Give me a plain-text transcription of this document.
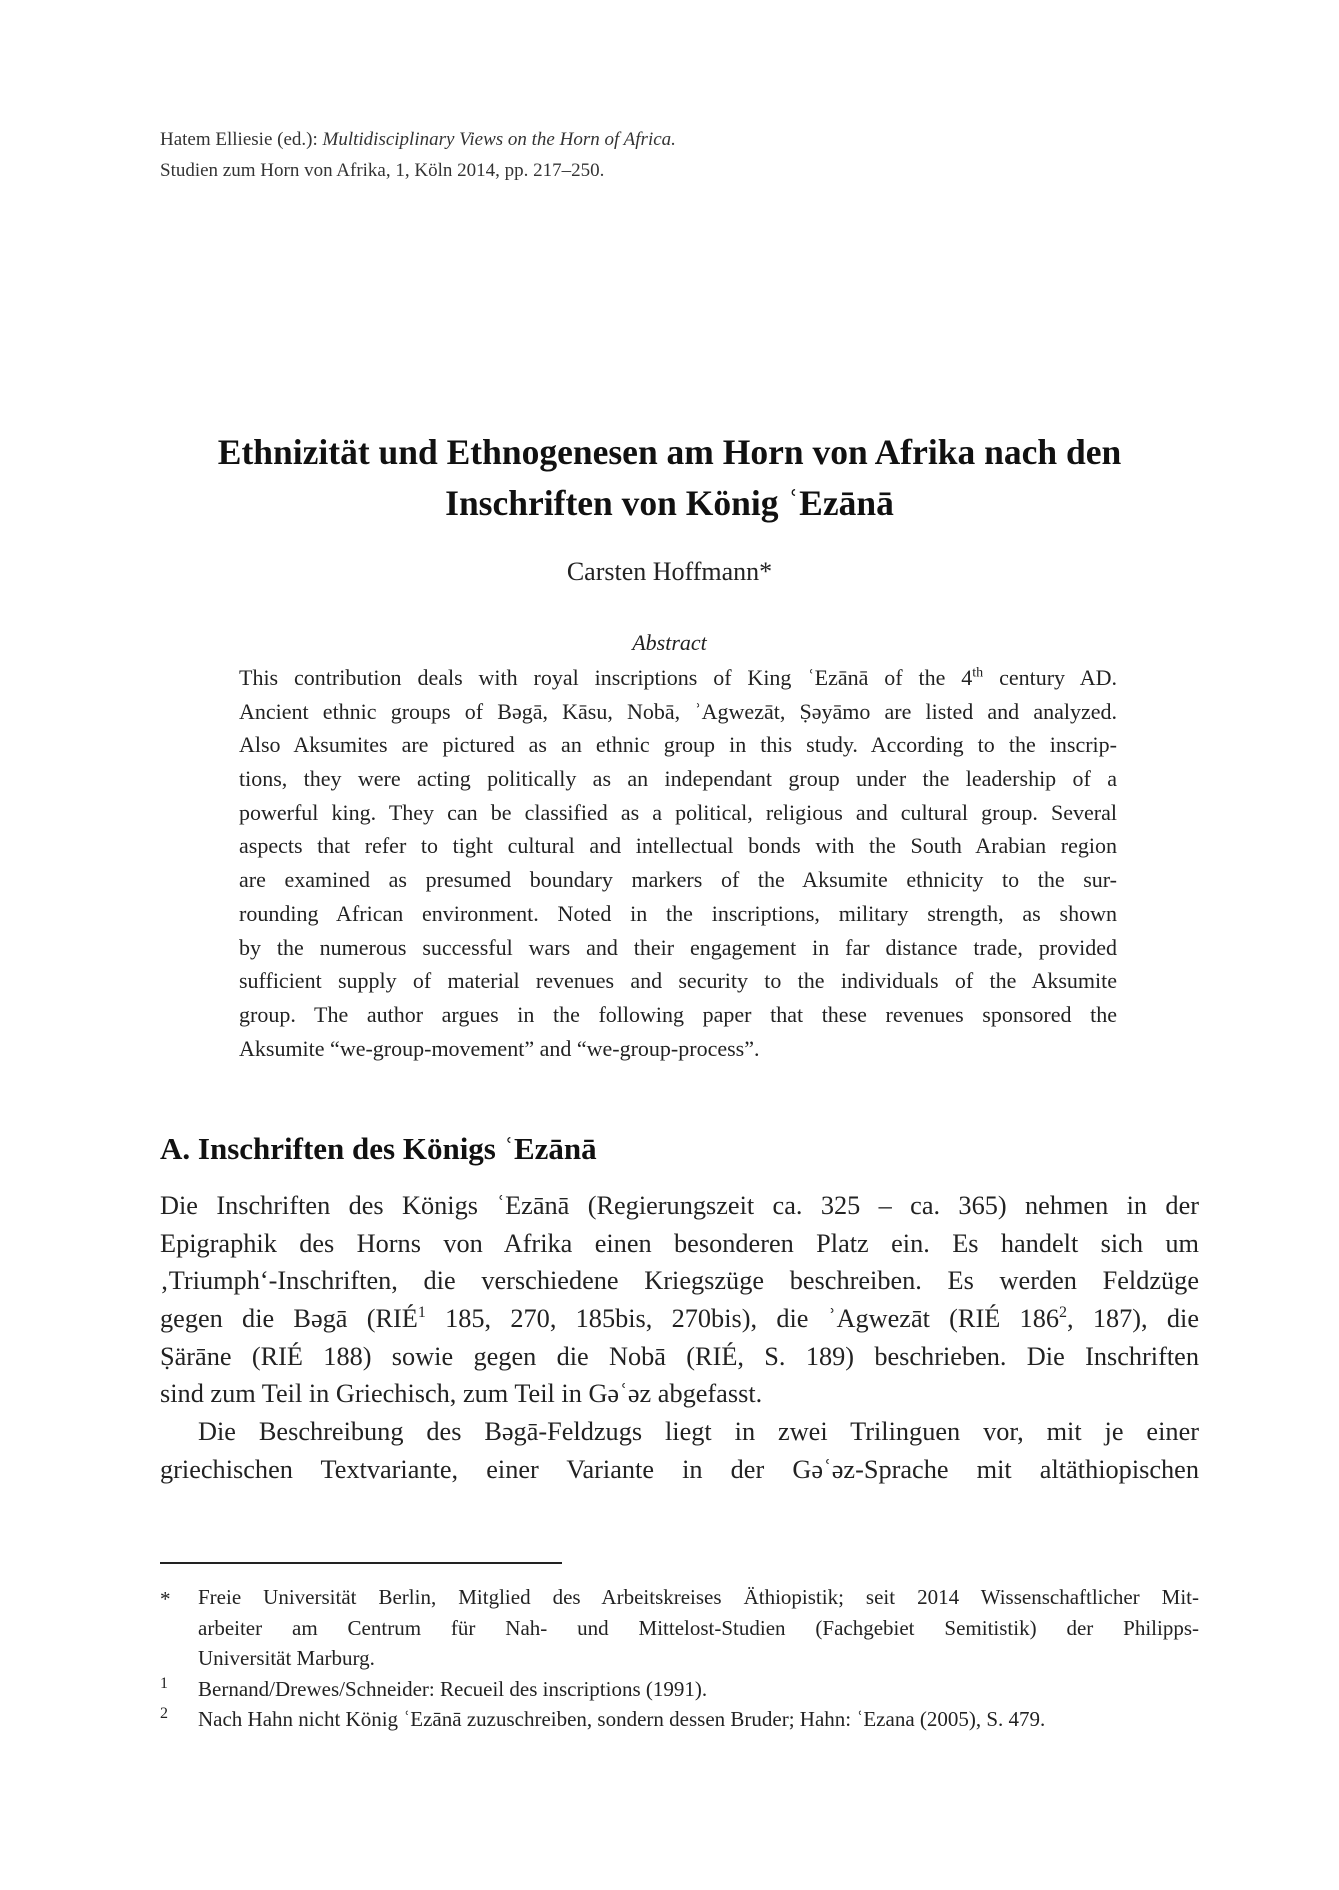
Hatem Elliesie (ed.): Multidisciplinary Views on the Horn of Africa.
Studien zum Horn von Afrika, 1, Köln 2014, pp. 217–250.
Ethnizität und Ethnogenesen am Horn von Afrika nach den
Inschriften von König ʿEzānā
Carsten Hoffmann*
Abstract
This contribution deals with royal inscriptions of King ʿEzānā of the 4th century AD.
Ancient ethnic groups of Bəgā, Kāsu, Nobā, ʾAgwezāt, Ṣəyāmo are listed and analyzed.
Also Aksumites are pictured as an ethnic group in this study. According to the inscrip-
tions, they were acting politically as an independant group under the leadership of a
powerful king. They can be classified as a political, religious and cultural group. Several
aspects that refer to tight cultural and intellectual bonds with the South Arabian region
are examined as presumed boundary markers of the Aksumite ethnicity to the sur-
rounding African environment. Noted in the inscriptions, military strength, as shown
by the numerous successful wars and their engagement in far distance trade, provided
sufficient supply of material revenues and security to the individuals of the Aksumite
group. The author argues in the following paper that these revenues sponsored the
Aksumite “we-group-movement” and “we-group-process”.
A. Inschriften des Königs ʿEzānā
Die Inschriften des Königs ʿEzānā (Regierungszeit ca. 325 – ca. 365) nehmen in der
Epigraphik des Horns von Afrika einen besonderen Platz ein. Es handelt sich um
‚Triumph‘-Inschriften, die verschiedene Kriegszüge beschreiben. Es werden Feldzüge
gegen die Bəgā (RIÉ$^1$ 185, 270, 185bis, 270bis), die ʾAgwezāt (RIÉ $186^2$, 187), die
Ṣärāne (RIÉ 188) sowie gegen die Nobā (RIÉ, S. 189) beschrieben. Die Inschriften
sind zum Teil in Griechisch, zum Teil in Gəʿəz abgefasst.
Die Beschreibung des Bəgā-Feldzugs liegt in zwei Trilinguen vor, mit je einer
griechischen Textvariante, einer Variante in der Gəʿəz-Sprache mit altäthiopischen
* Freie Universität Berlin, Mitglied des Arbeitskreises Äthiopistik; seit 2014 Wissenschaftlicher Mit-
arbeiter am Centrum für Nah- und Mittelost-Studien (Fachgebiet Semitistik) der Philipps-
Universität Marburg.
1 Bernand/Drewes/Schneider: Recueil des inscriptions (1991).
2 Nach Hahn nicht König ʿEzānā zuzuschreiben, sondern dessen Bruder; Hahn: ʿEzana (2005), S. 479.
